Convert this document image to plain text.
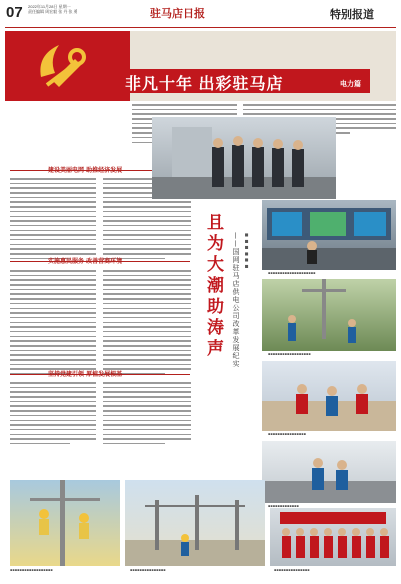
07 2022年11月28日 星期一
责任编辑 周宏毅 张 丹 张 勇	驻马店日报	特别报道
非凡十年 出彩驻马店	电力篇
建设美丽电网 助推经济发展
实施惠民服务 改善营商环境
坚持党建引领 厚植发展根基
且为大潮助涛声	——国网驻马店供电公司改革发展纪实 ■ ■ ■ ■ ■ ■
▪▪▪▪▪▪▪▪▪▪▪▪▪▪▪▪▪▪▪▪
▪▪▪▪▪▪▪▪▪▪▪▪▪▪▪▪▪▪
▪▪▪▪▪▪▪▪▪▪▪▪▪▪▪▪
▪▪▪▪▪▪▪▪▪▪▪▪▪
▪▪▪▪▪▪▪▪▪▪▪▪▪▪▪▪▪▪	▪▪▪▪▪▪▪▪▪▪▪▪▪▪▪	▪▪▪▪▪▪▪▪▪▪▪▪▪▪▪
